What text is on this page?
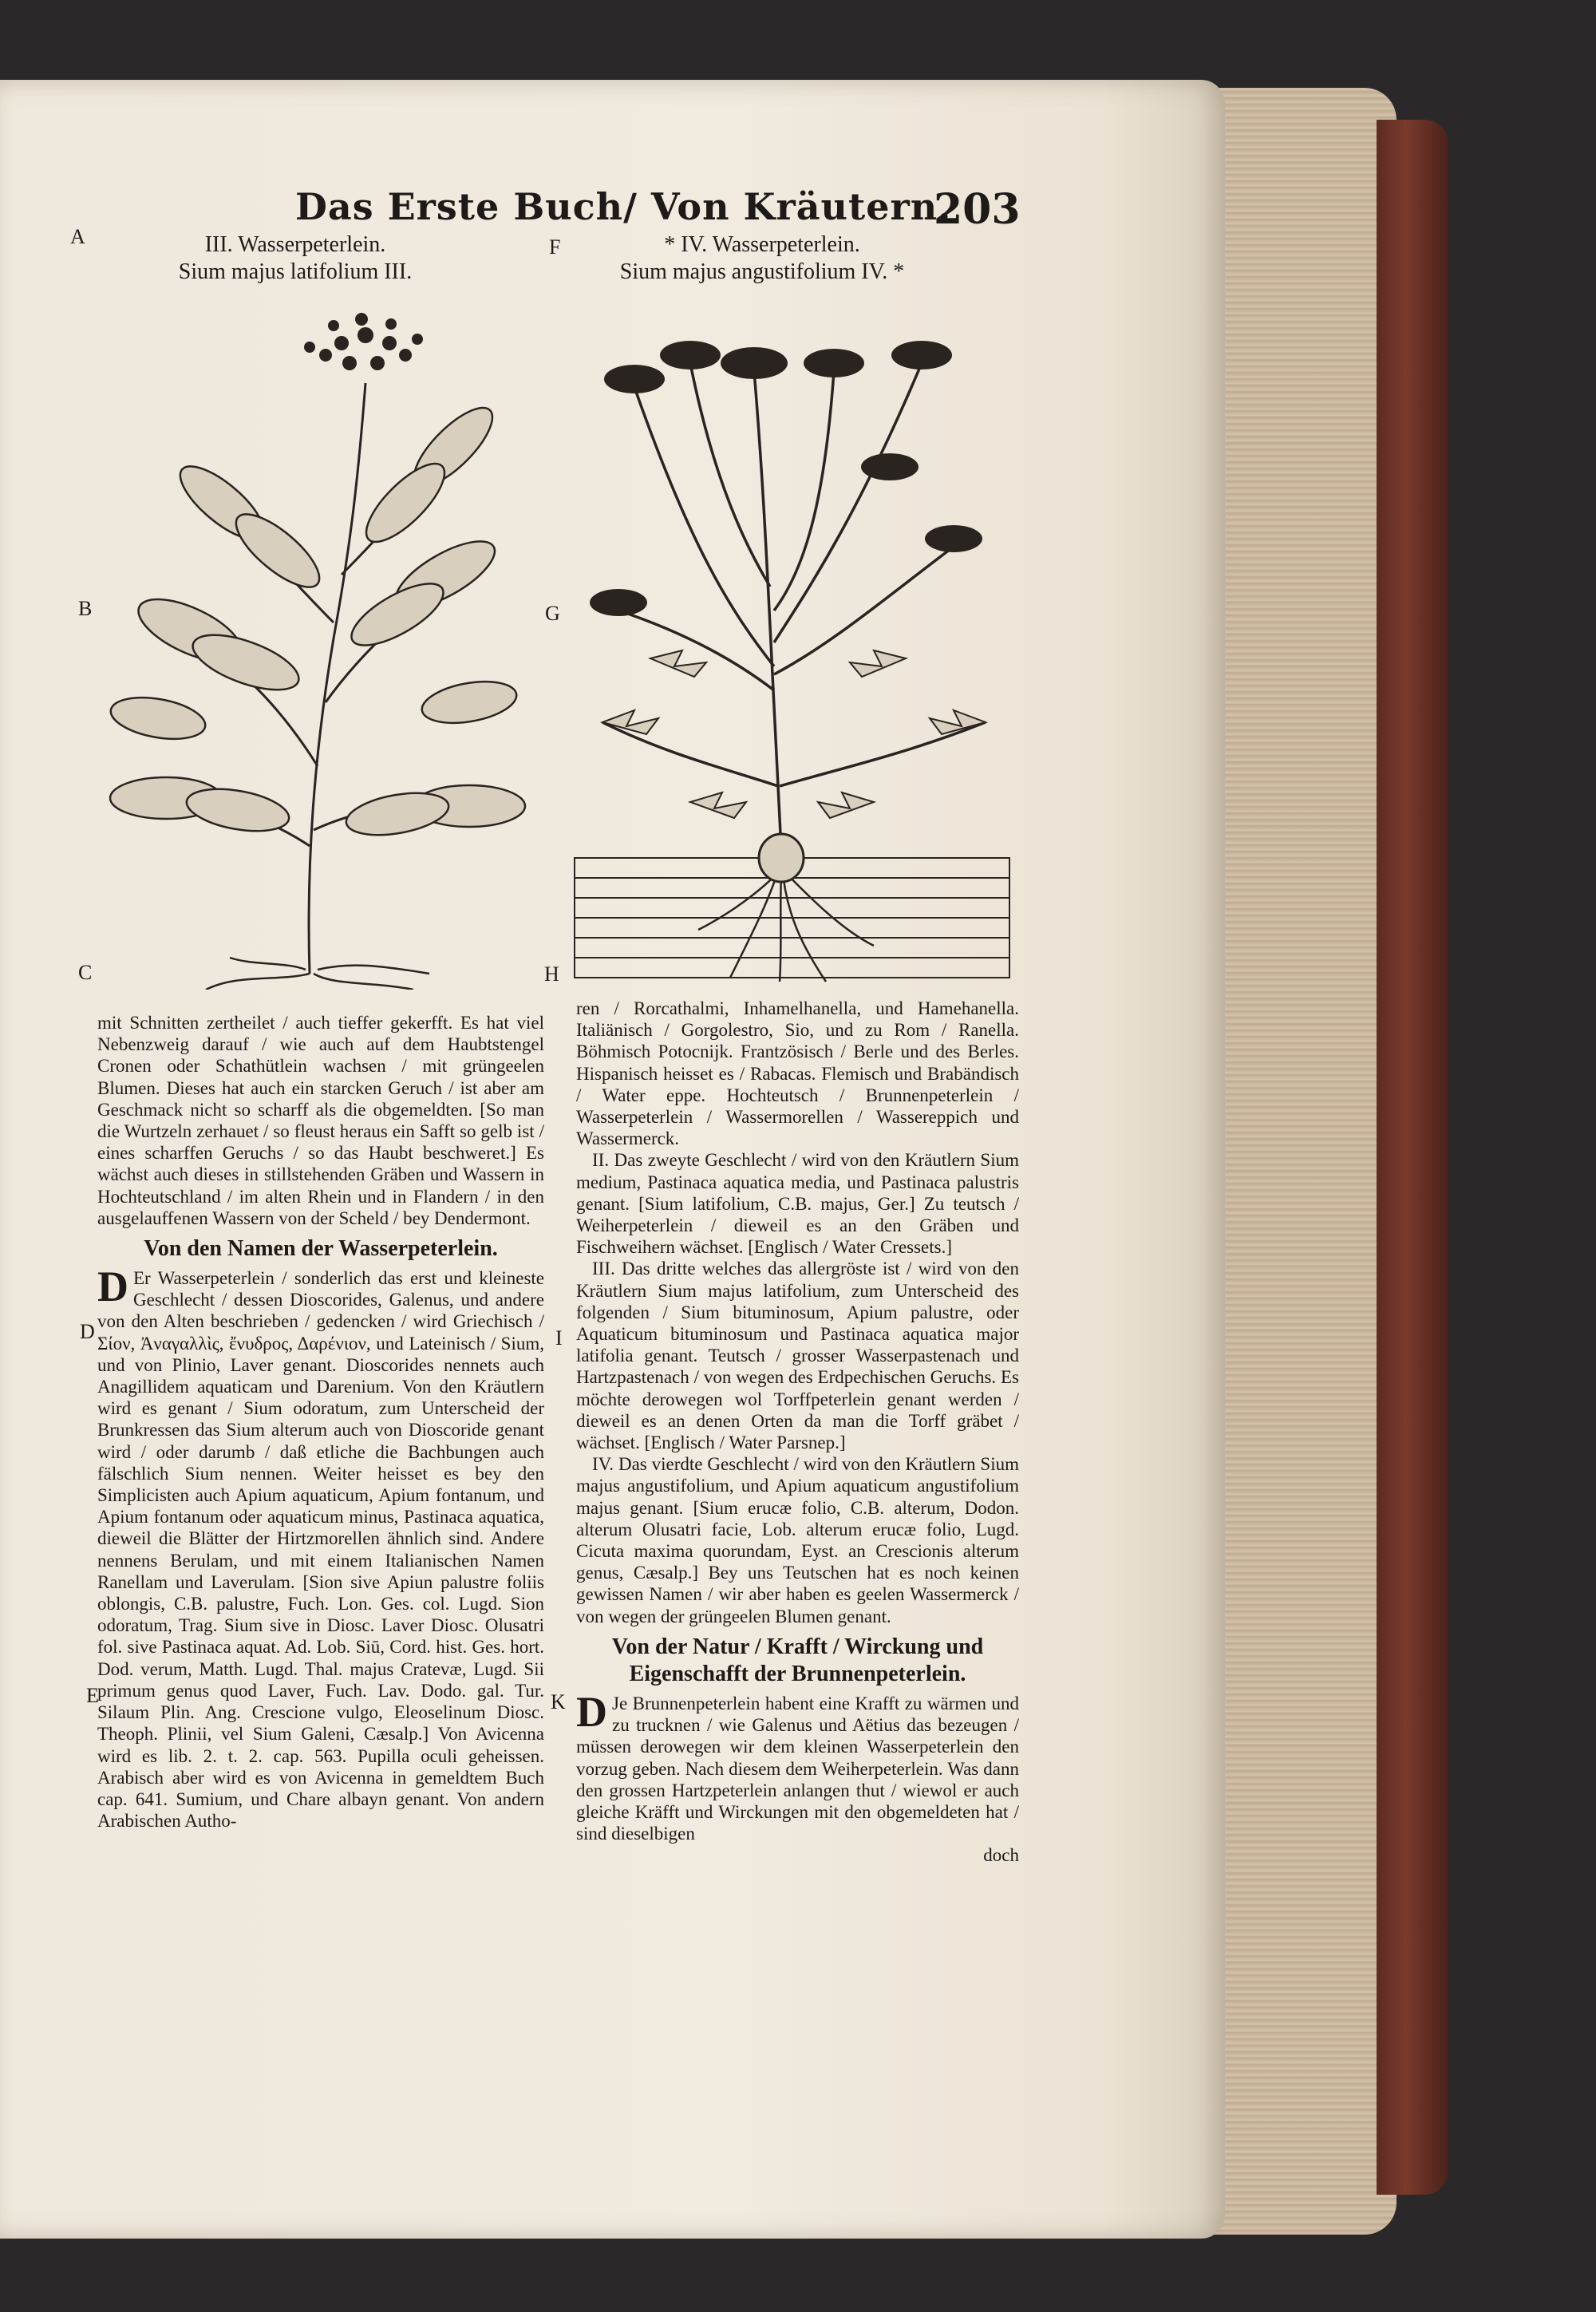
Das Erste Buch/ Von Kräutern.
203
A	F
B	G
C	H
D	I
E	K
III. Wasserpeterlein.
Sium majus latifolium III.
* IV. Wasserpeterlein.
Sium majus angustifolium IV. *

mit Schnitten zertheilet / auch tieffer gekerfft. Es hat viel Nebenzweig darauf / wie auch auf dem Haubtstengel Cronen oder Schathütlein wachsen / mit grüngeelen Blumen. Dieses hat auch ein starcken Geruch / ist aber am Geschmack nicht so scharff als die obgemeldten. [So man die Wurtzeln zerhauet / so fleust heraus ein Safft so gelb ist / eines scharffen Geruchs / so das Haubt beschweret.] Es wächst auch dieses in stillstehenden Gräben und Wassern in Hochteutschland / im alten Rhein und in Flandern / in den ausgelauffenen Wassern von der Scheld / bey Dendermont.

Von den Namen der Wasserpeterlein.

D Er Wasserpeterlein / sonderlich das erst und kleineste Geschlecht / dessen Dioscorides, Galenus, und andere von den Alten beschrieben / gedencken / wird Griechisch / Σίον, Ἀναγαλλὶς, ἔνυδρος, Δαρένιον, und Lateinisch / Sium, und von Plinio, Laver genant. Dioscorides nennets auch Anagillidem aquaticam und Darenium. Von den Kräutlern wird es genant / Sium odoratum, zum Unterscheid der Brunkressen das Sium alterum auch von Dioscoride genant wird / oder darumb / daß etliche die Bachbungen auch fälschlich Sium nennen. Weiter heisset es bey den Simplicisten auch Apium aquaticum, Apium fontanum, und Apium fontanum oder aquaticum minus, Pastinaca aquatica, dieweil die Blätter der Hirtzmorellen ähnlich sind. Andere nennens Berulam, und mit einem Italianischen Namen Ranellam und Laverulam. [Sion sive Apiun palustre foliis oblongis, C.B. palustre, Fuch. Lon. Ges. col. Lugd. Sion odoratum, Trag. Sium sive in Diosc. Laver Diosc. Olusatri fol. sive Pastinaca aquat. Ad. Lob. Siū, Cord. hist. Ges. hort. Dod. verum, Matth. Lugd. Thal. majus Cratevæ, Lugd. Sii primum genus quod Laver, Fuch. Lav. Dodo. gal. Tur. Silaum Plin. Ang. Crescione vulgo, Eleoselinum Diosc. Theoph. Plinii, vel Sium Galeni, Cæsalp.] Von Avicenna wird es lib. 2. t. 2. cap. 563. Pupilla oculi geheissen. Arabisch aber wird es von Avicenna in gemeldtem Buch cap. 641. Sumium, und Chare albayn genant. Von andern Arabischen Autho-

ren / Rorcathalmi, Inhamelhanella, und Hamehanella. Italiänisch / Gorgolestro, Sio, und zu Rom / Ranella. Böhmisch Potocnijk. Frantzösisch / Berle und des Berles. Hispanisch heisset es / Rabacas. Flemisch und Brabändisch / Water eppe. Hochteutsch / Brunnenpeterlein / Wasserpeterlein / Wassermorellen / Wassereppich und Wassermerck.

II. Das zweyte Geschlecht / wird von den Kräutlern Sium medium, Pastinaca aquatica media, und Pastinaca palustris genant. [Sium latifolium, C.B. majus, Ger.] Zu teutsch / Weiherpeterlein / dieweil es an den Gräben und Fischweihern wächset. [Englisch / Water Cressets.]

III. Das dritte welches das allergröste ist / wird von den Kräutlern Sium majus latifolium, zum Unterscheid des folgenden / Sium bituminosum, Apium palustre, oder Aquaticum bituminosum und Pastinaca aquatica major latifolia genant. Teutsch / grosser Wasserpastenach und Hartzpastenach / von wegen des Erdpechischen Geruchs. Es möchte derowegen wol Torffpeterlein genant werden / dieweil es an denen Orten da man die Torff gräbet / wächset. [Englisch / Water Parsnep.]

IV. Das vierdte Geschlecht / wird von den Kräutlern Sium majus angustifolium, und Apium aquaticum angustifolium majus genant. [Sium erucæ folio, C.B. alterum, Dodon. alterum Olusatri facie, Lob. alterum erucæ folio, Lugd. Cicuta maxima quorundam, Eyst. an Crescionis alterum genus, Cæsalp.] Bey uns Teutschen hat es noch keinen gewissen Namen / wir aber haben es geelen Wassermerck / von wegen der grüngeelen Blumen genant.

Von der Natur / Krafft / Wirckung und Eigenschafft der Brunnenpeterlein.

D Je Brunnenpeterlein habent eine Krafft zu wärmen und zu trucknen / wie Galenus und Aëtius das bezeugen / müssen derowegen wir dem kleinen Wasserpeterlein den vorzug geben. Nach diesem dem Weiherpeterlein. Was dann den grossen Hartzpeterlein anlangen thut / wiewol er auch gleiche Kräfft und Wirckungen mit den obgemeldeten hat / sind dieselbigen

doch
